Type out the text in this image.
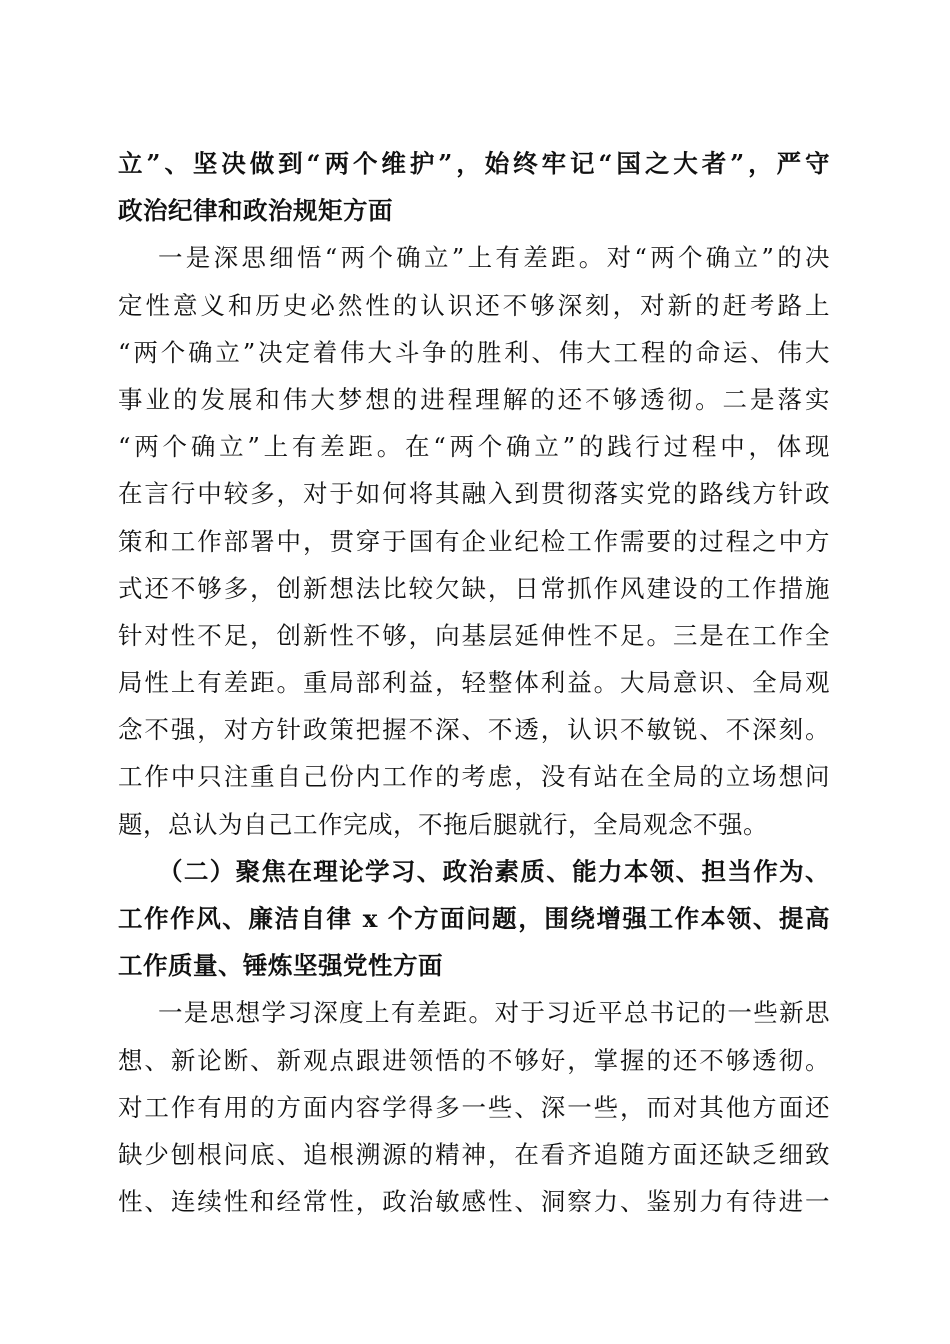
立”、坚决做到“两个维护”，始终牢记“国之大者”，严守
政治纪律和政治规矩方面
一是深思细悟“两个确立”上有差距。对“两个确立”的决
定性意义和历史必然性的认识还不够深刻，对新的赶考路上
“两个确立”决定着伟大斗争的胜利、伟大工程的命运、伟大
事业的发展和伟大梦想的进程理解的还不够透彻。二是落实
“两个确立”上有差距。在“两个确立”的践行过程中，体现
在言行中较多，对于如何将其融入到贯彻落实党的路线方针政
策和工作部署中，贯穿于国有企业纪检工作需要的过程之中方
式还不够多，创新想法比较欠缺，日常抓作风建设的工作措施
针对性不足，创新性不够，向基层延伸性不足。三是在工作全
局性上有差距。重局部利益，轻整体利益。大局意识、全局观
念不强，对方针政策把握不深、不透，认识不敏锐、不深刻。
工作中只注重自己份内工作的考虑，没有站在全局的立场想问
题，总认为自己工作完成，不拖后腿就行，全局观念不强。
（二）聚焦在理论学习、政治素质、能力本领、担当作为、
工作作风、廉洁自律 x 个方面问题，围绕增强工作本领、提高
工作质量、锤炼坚强党性方面
一是思想学习深度上有差距。对于习近平总书记的一些新思
想、新论断、新观点跟进领悟的不够好，掌握的还不够透彻。
对工作有用的方面内容学得多一些、深一些，而对其他方面还
缺少刨根问底、追根溯源的精神，在看齐追随方面还缺乏细致
性、连续性和经常性，政治敏感性、洞察力、鉴别力有待进一
